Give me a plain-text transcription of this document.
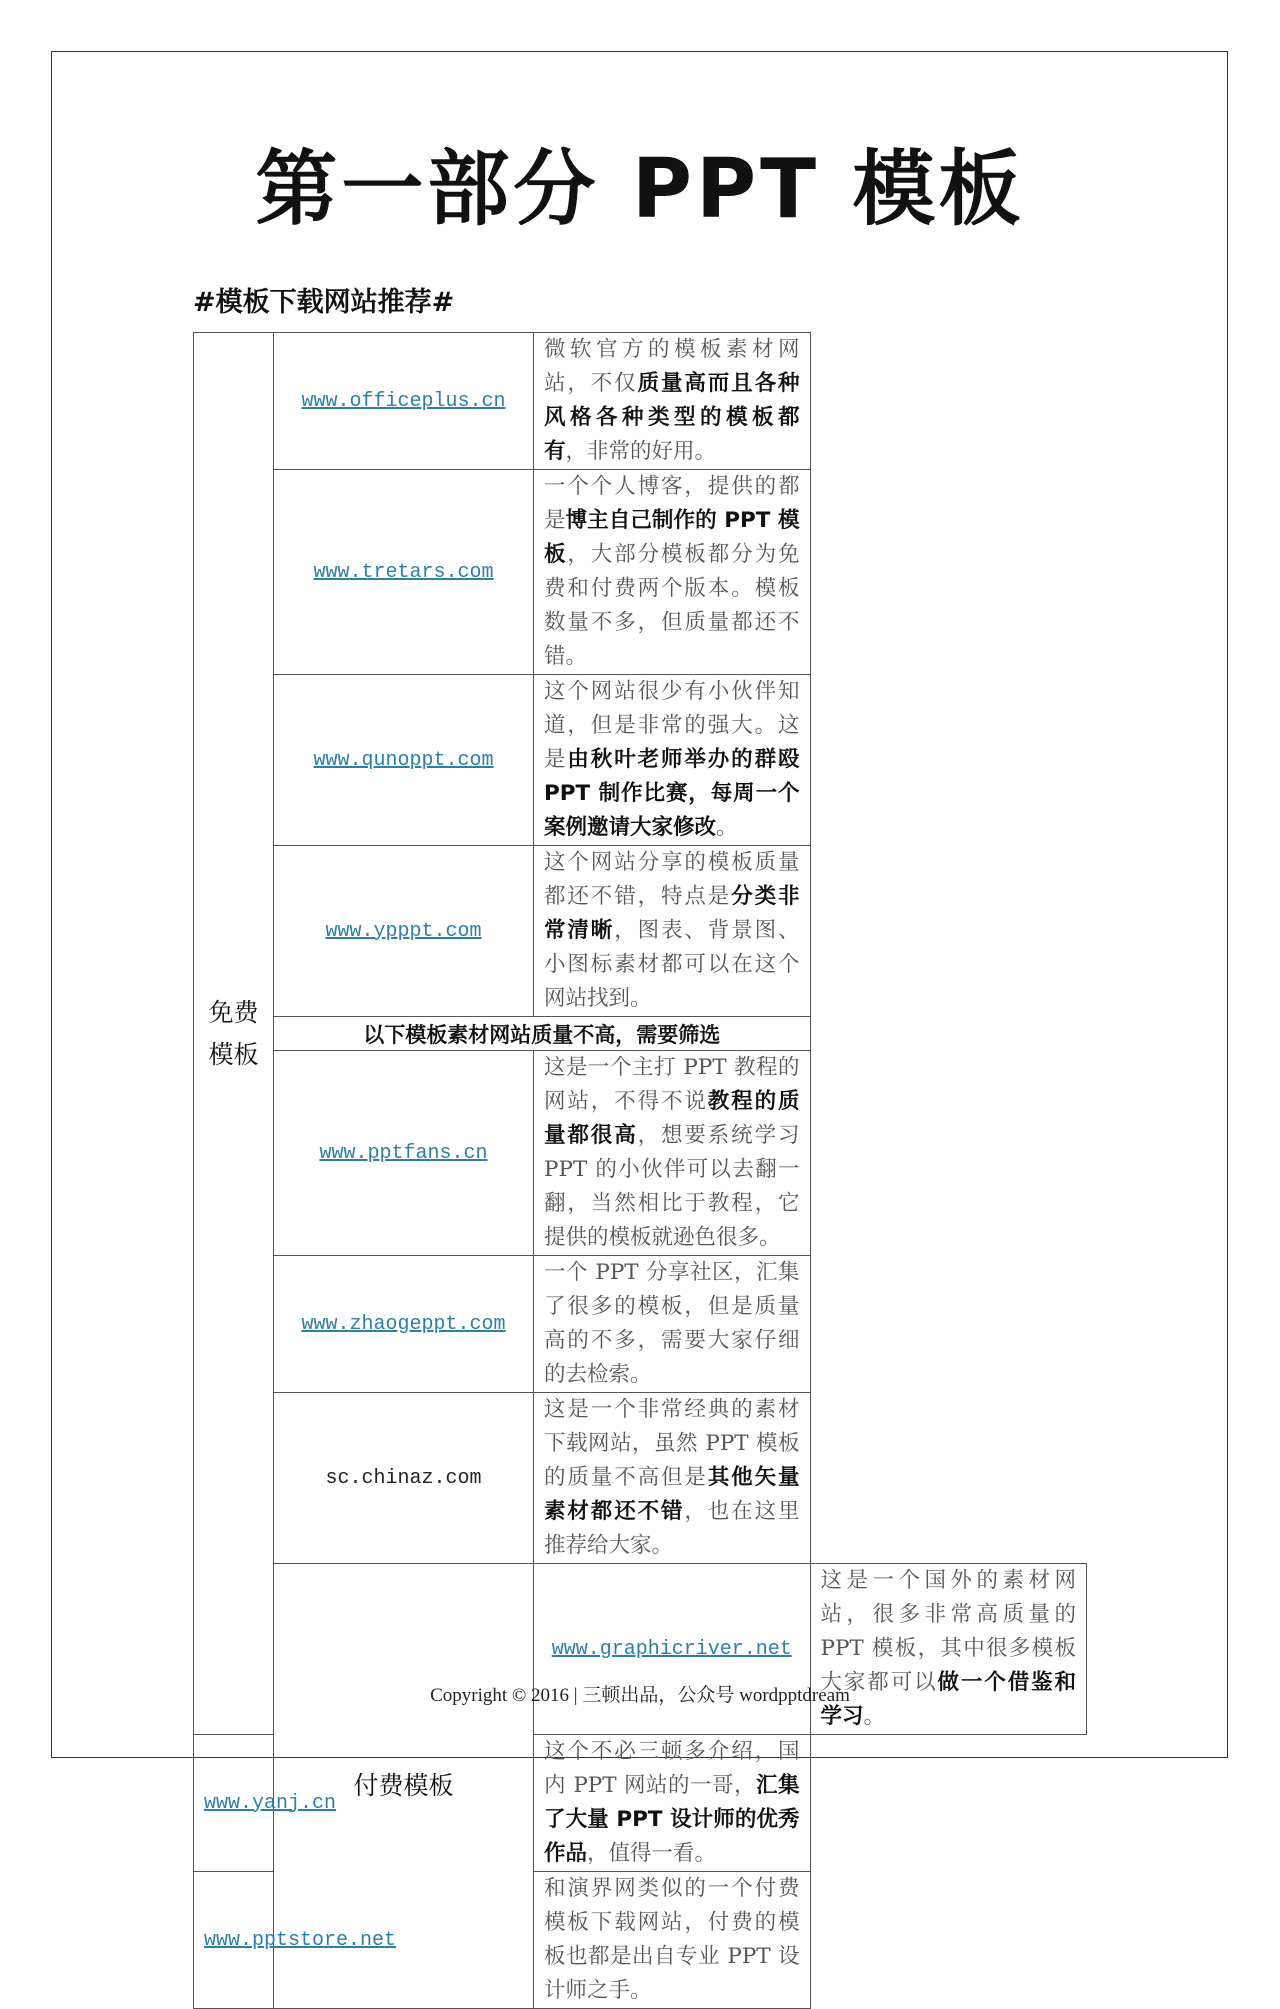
第一部分 PPT 模板
#模板下载网站推荐#
免费模板	www.officeplus.cn	微软官方的模板素材网站，不仅质量高而且各种风格各种类型的模板都有，非常的好用。	
	www.tretars.com	一个个人博客，提供的都是博主自己制作的 PPT 模板，大部分模板都分为免费和付费两个版本。模板数量不多，但质量都还不错。	
	www.qunoppt.com	这个网站很少有小伙伴知道，但是非常的强大。这是由秋叶老师举办的群殴 PPT 制作比赛，每周一个案例邀请大家修改。	
	www.ypppt.com	这个网站分享的模板质量都还不错，特点是分类非常清晰，图表、背景图、小图标素材都可以在这个网站找到。	
	以下模板素材网站质量不高，需要筛选		
	www.pptfans.cn	这是一个主打 PPT 教程的网站，不得不说教程的质量都很高，想要系统学习 PPT 的小伙伴可以去翻一翻，当然相比于教程，它提供的模板就逊色很多。	
	www.zhaogeppt.com	一个 PPT 分享社区，汇集了很多的模板，但是质量高的不多，需要大家仔细的去检索。	
	sc.chinaz.com	这是一个非常经典的素材下载网站，虽然 PPT 模板的质量不高但是其他矢量素材都还不错，也在这里推荐给大家。	
	付费模板	www.graphicriver.net	这是一个国外的素材网站，很多非常高质量的 PPT 模板，其中很多模板大家都可以做一个借鉴和学习。
www.yanj.cn		这个不必三顿多介绍，国内 PPT 网站的一哥，汇集了大量 PPT 设计师的优秀作品，值得一看。	
www.pptstore.net		和演界网类似的一个付费模板下载网站，付费的模板也都是出自专业 PPT 设计师之手。	
Copyright © 2016 | 三顿出品，公众号 wordpptdream
